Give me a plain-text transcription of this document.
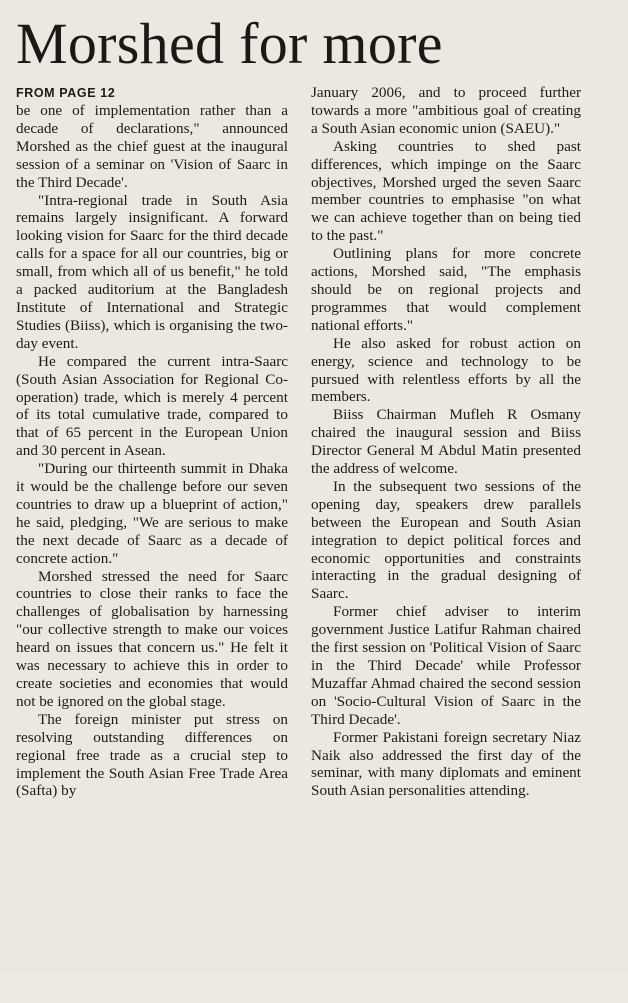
Morshed for more
FROM PAGE 12

be one of implementation rather than a decade of declarations," announced Morshed as the chief guest at the inaugural session of a seminar on 'Vision of Saarc in the Third Decade'.

"Intra-regional trade in South Asia remains largely insignificant. A forward looking vision for Saarc for the third decade calls for a space for all our countries, big or small, from which all of us benefit," he told a packed auditorium at the Bangladesh Institute of International and Strategic Studies (Biiss), which is organising the two-day event.

He compared the current intra-Saarc (South Asian Association for Regional Co-operation) trade, which is merely 4 percent of its total cumulative trade, compared to that of 65 percent in the European Union and 30 percent in Asean.

"During our thirteenth summit in Dhaka it would be the challenge before our seven countries to draw up a blueprint of action," he said, pledging, "We are serious to make the next decade of Saarc as a decade of concrete action."

Morshed stressed the need for Saarc countries to close their ranks to face the challenges of globalisation by harnessing "our collective strength to make our voices heard on issues that concern us." He felt it was necessary to achieve this in order to create societies and economies that would not be ignored on the global stage.

The foreign minister put stress on resolving outstanding differences on regional free trade as a crucial step to implement the South Asian Free Trade Area (Safta) by

January 2006, and to proceed further towards a more "ambitious goal of creating a South Asian economic union (SAEU)."

Asking countries to shed past differences, which impinge on the Saarc objectives, Morshed urged the seven Saarc member countries to emphasise "on what we can achieve together than on being tied to the past."

Outlining plans for more concrete actions, Morshed said, "The emphasis should be on regional projects and programmes that would complement national efforts."

He also asked for robust action on energy, science and technology to be pursued with relentless efforts by all the members.

Biiss Chairman Mufleh R Osmany chaired the inaugural session and Biiss Director General M Abdul Matin presented the address of welcome.

In the subsequent two sessions of the opening day, speakers drew parallels between the European and South Asian integration to depict political forces and economic opportunities and constraints interacting in the gradual designing of Saarc.

Former chief adviser to interim government Justice Latifur Rahman chaired the first session on 'Political Vision of Saarc in the Third Decade' while Professor Muzaffar Ahmad chaired the second session on 'Socio-Cultural Vision of Saarc in the Third Decade'.

Former Pakistani foreign secretary Niaz Naik also addressed the first day of the seminar, with many diplomats and eminent South Asian personalities attending.
